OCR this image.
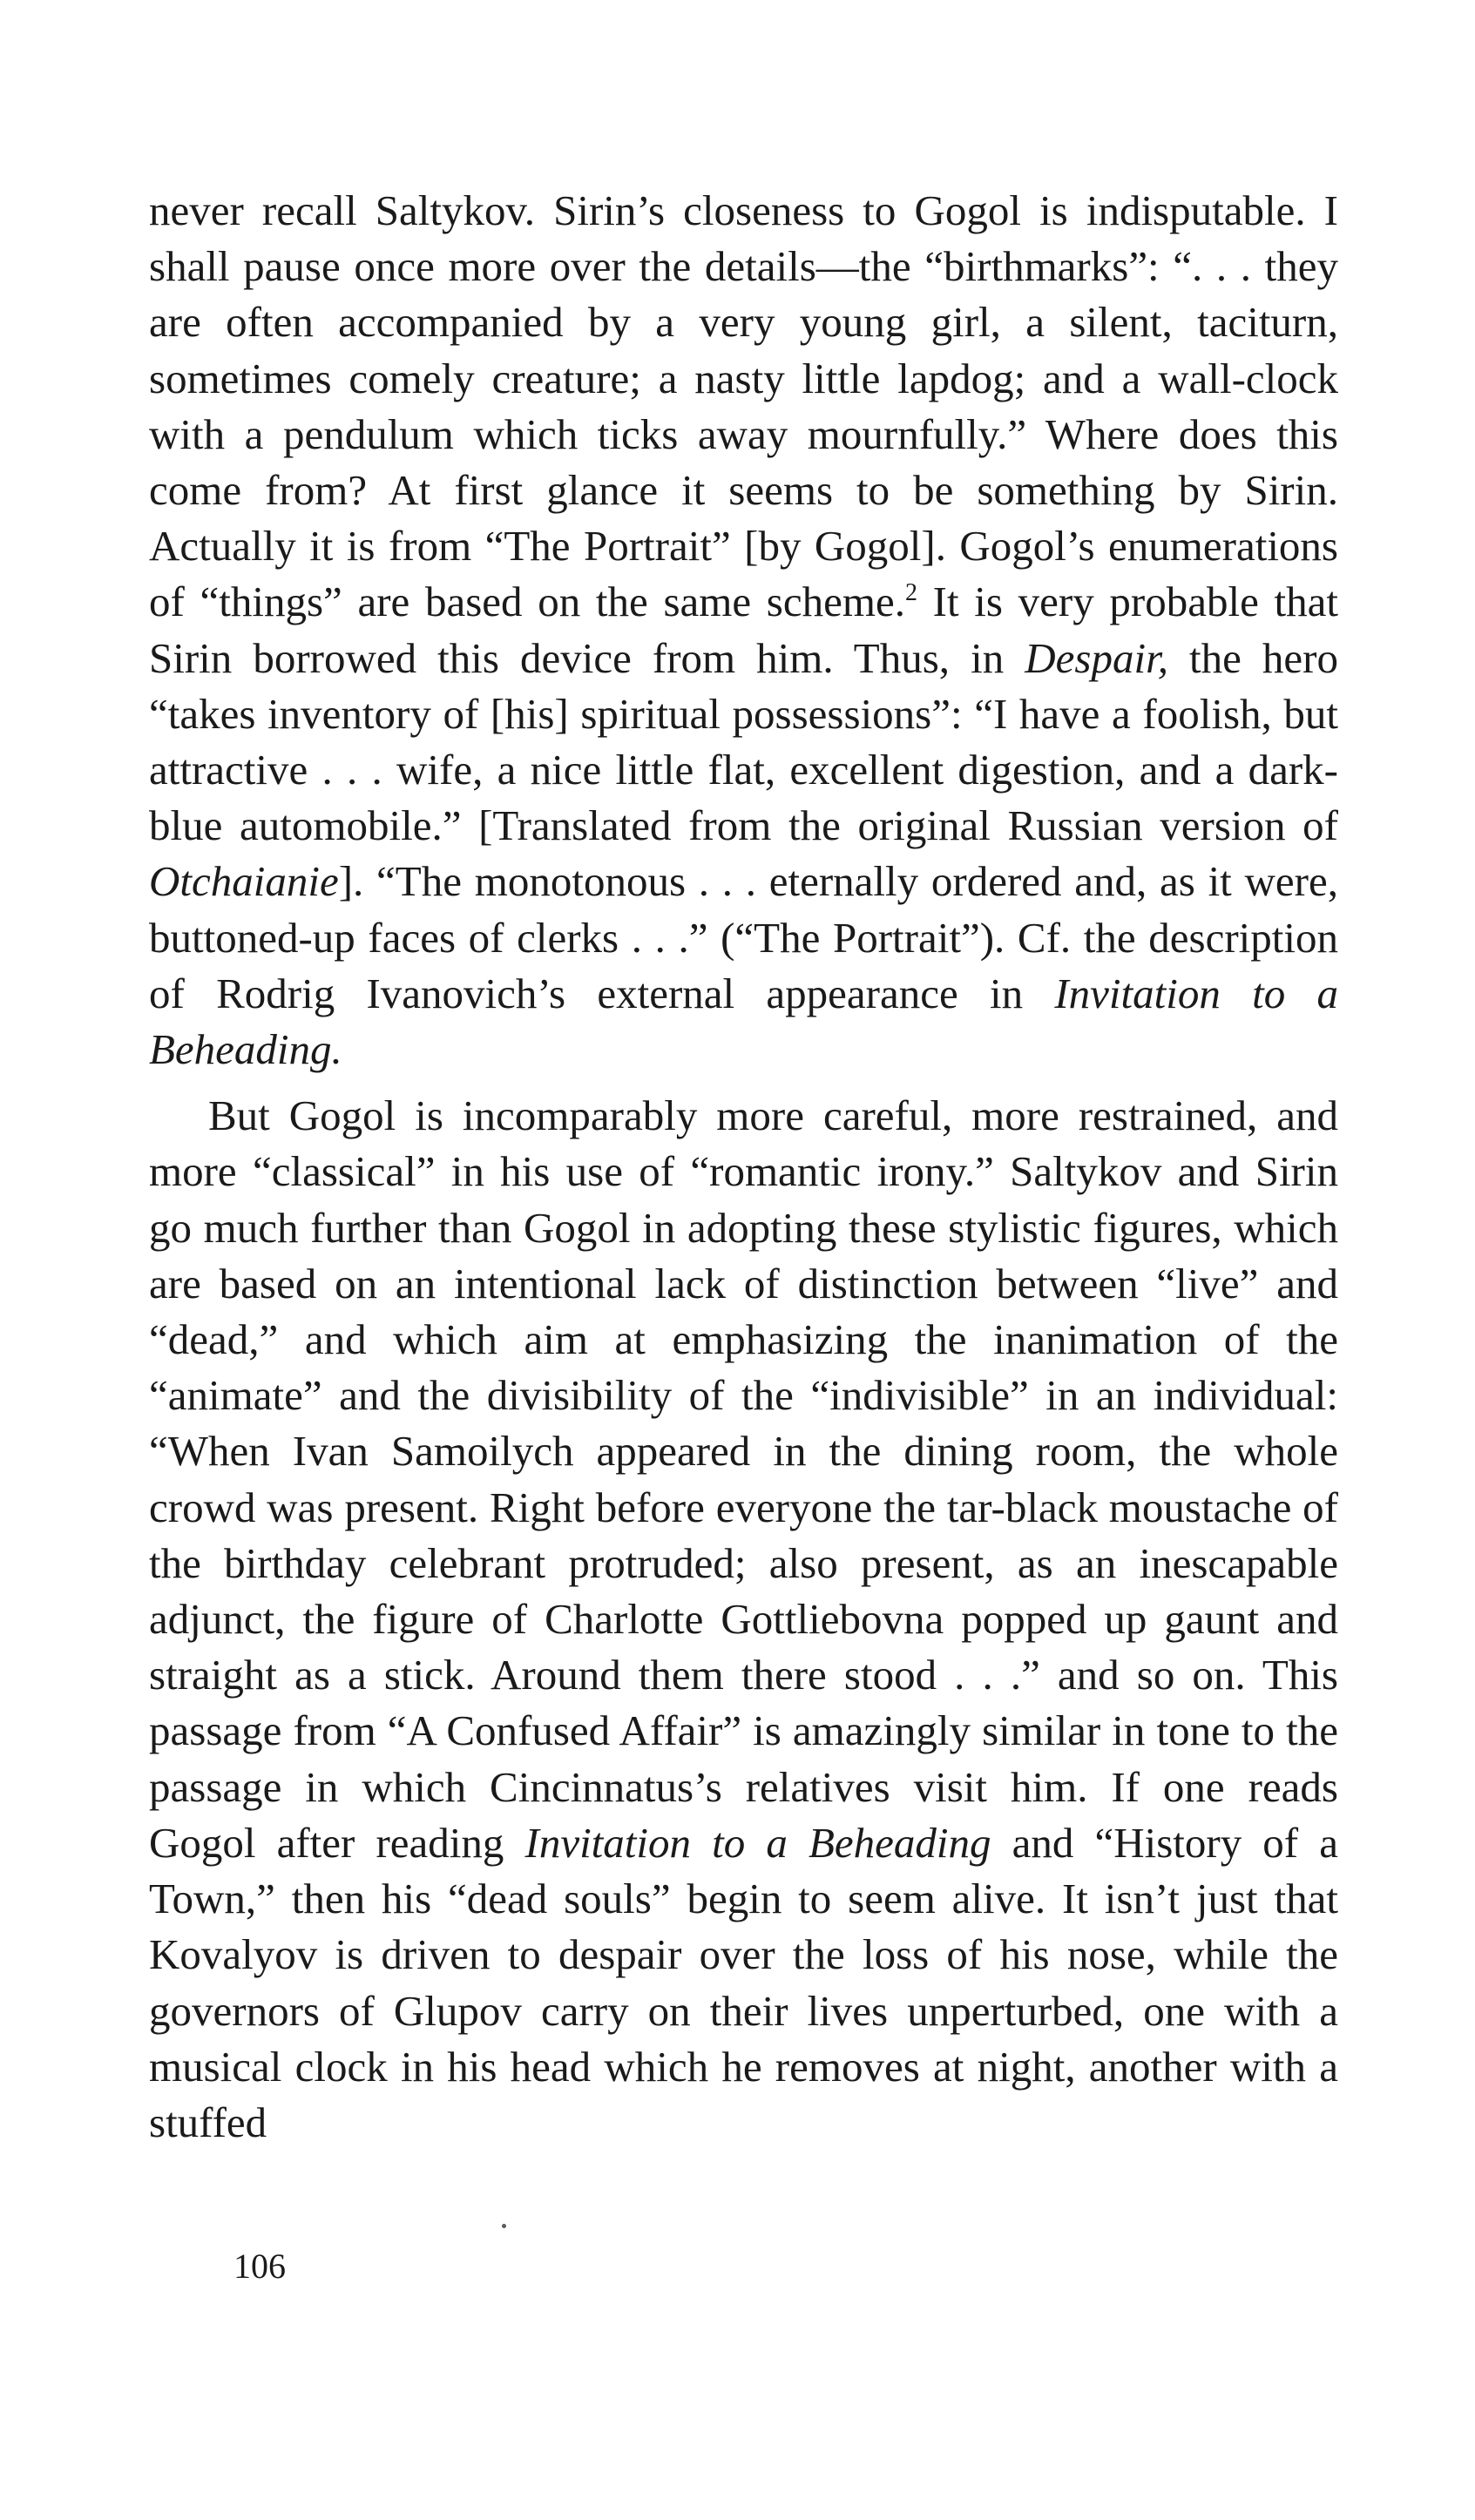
never recall Saltykov. Sirin’s closeness to Gogol is indisputable. I shall pause once more over the details—the “birthmarks”: “. . . they are often accompanied by a very young girl, a silent, taciturn, sometimes comely creature; a nasty little lapdog; and a wall-clock with a pendulum which ticks away mournfully.” Where does this come from? At first glance it seems to be something by Sirin. Actually it is from “The Portrait” [by Gogol]. Gogol’s enumerations of “things” are based on the same scheme.$^2$ It is very probable that Sirin borrowed this device from him. Thus, in Despair, the hero “takes inventory of [his] spiritual possessions”: “I have a foolish, but attractive . . . wife, a nice little flat, excellent digestion, and a dark-blue automobile.” [Translated from the original Russian version of Otchaianie]. “The monotonous . . . eternally ordered and, as it were, buttoned-up faces of clerks . . .” (“The Portrait”). Cf. the description of Rodrig Ivanovich’s external appearance in Invitation to a Beheading.

But Gogol is incomparably more careful, more restrained, and more “classical” in his use of “romantic irony.” Saltykov and Sirin go much further than Gogol in adopting these stylistic figures, which are based on an intentional lack of distinction between “live” and “dead,” and which aim at emphasizing the inanimation of the “animate” and the divisibility of the “indivisible” in an individual: “When Ivan Samoilych appeared in the dining room, the whole crowd was present. Right before everyone the tar-black moustache of the birthday celebrant protruded; also present, as an inescapable adjunct, the figure of Charlotte Gottliebovna popped up gaunt and straight as a stick. Around them there stood . . .” and so on. This passage from “A Confused Affair” is amazingly similar in tone to the passage in which Cincinnatus’s relatives visit him. If one reads Gogol after reading Invitation to a Beheading and “History of a Town,” then his “dead souls” begin to seem alive. It isn’t just that Kovalyov is driven to despair over the loss of his nose, while the governors of Glupov carry on their lives unperturbed, one with a musical clock in his head which he removes at night, another with a stuffed

106
